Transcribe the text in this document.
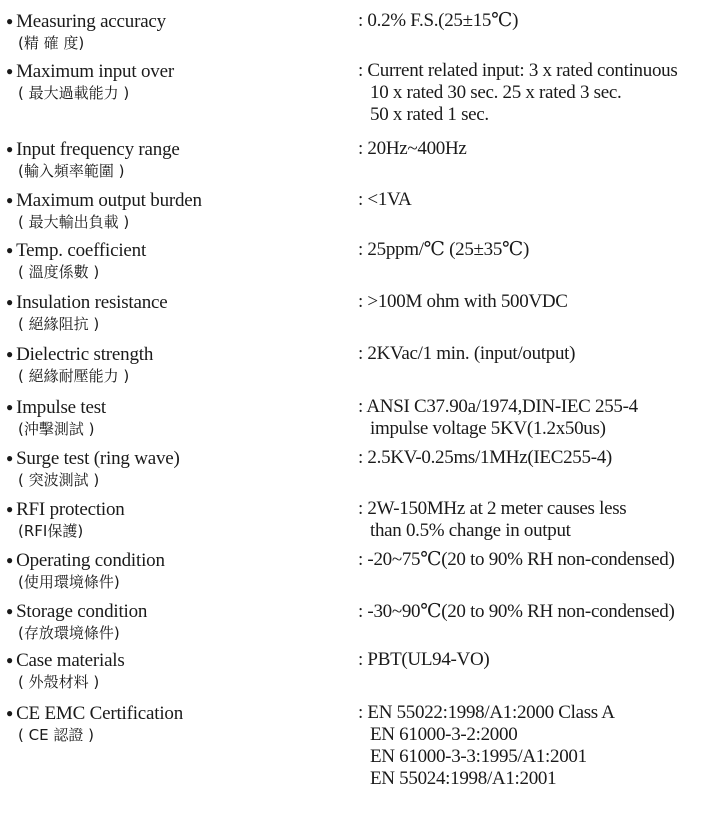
● Measuring accuracy
(精 確 度)
: 0.2% F.S.(25±15℃)
● Maximum input over
( 最大過載能力 )
: Current related input: 3 x rated continuous
10 x rated 30 sec. 25 x rated 3 sec.
50 x rated 1 sec.
● Input frequency range
(輸入頻率範圍 )
: 20Hz~400Hz
● Maximum output burden
( 最大輸出負載 )
: <1VA
● Temp. coefficient
( 溫度係數 )
: 25ppm/℃ (25±35℃)
● Insulation resistance
( 絕緣阻抗 )
: >100M ohm with 500VDC
● Dielectric strength
( 絕緣耐壓能力 )
: 2KVac/1 min. (input/output)
● Impulse test
(沖擊測試 )
: ANSI C37.90a/1974,DIN-IEC 255-4
impulse voltage 5KV(1.2x50us)
● Surge test (ring wave)
( 突波測試 )
: 2.5KV-0.25ms/1MHz(IEC255-4)
● RFI protection
(RFI保護)
: 2W-150MHz at 2 meter causes less
than 0.5% change in output
● Operating condition
(使用環境條件)
: -20~75℃(20 to 90% RH non-condensed)
● Storage condition
(存放環境條件)
: -30~90℃(20 to 90% RH non-condensed)
● Case materials
( 外殼材料 )
: PBT(UL94-VO)
● CE EMC Certification
( CE 認證 )
: EN 55022:1998/A1:2000 Class A
EN 61000-3-2:2000
EN 61000-3-3:1995/A1:2001
EN 55024:1998/A1:2001
